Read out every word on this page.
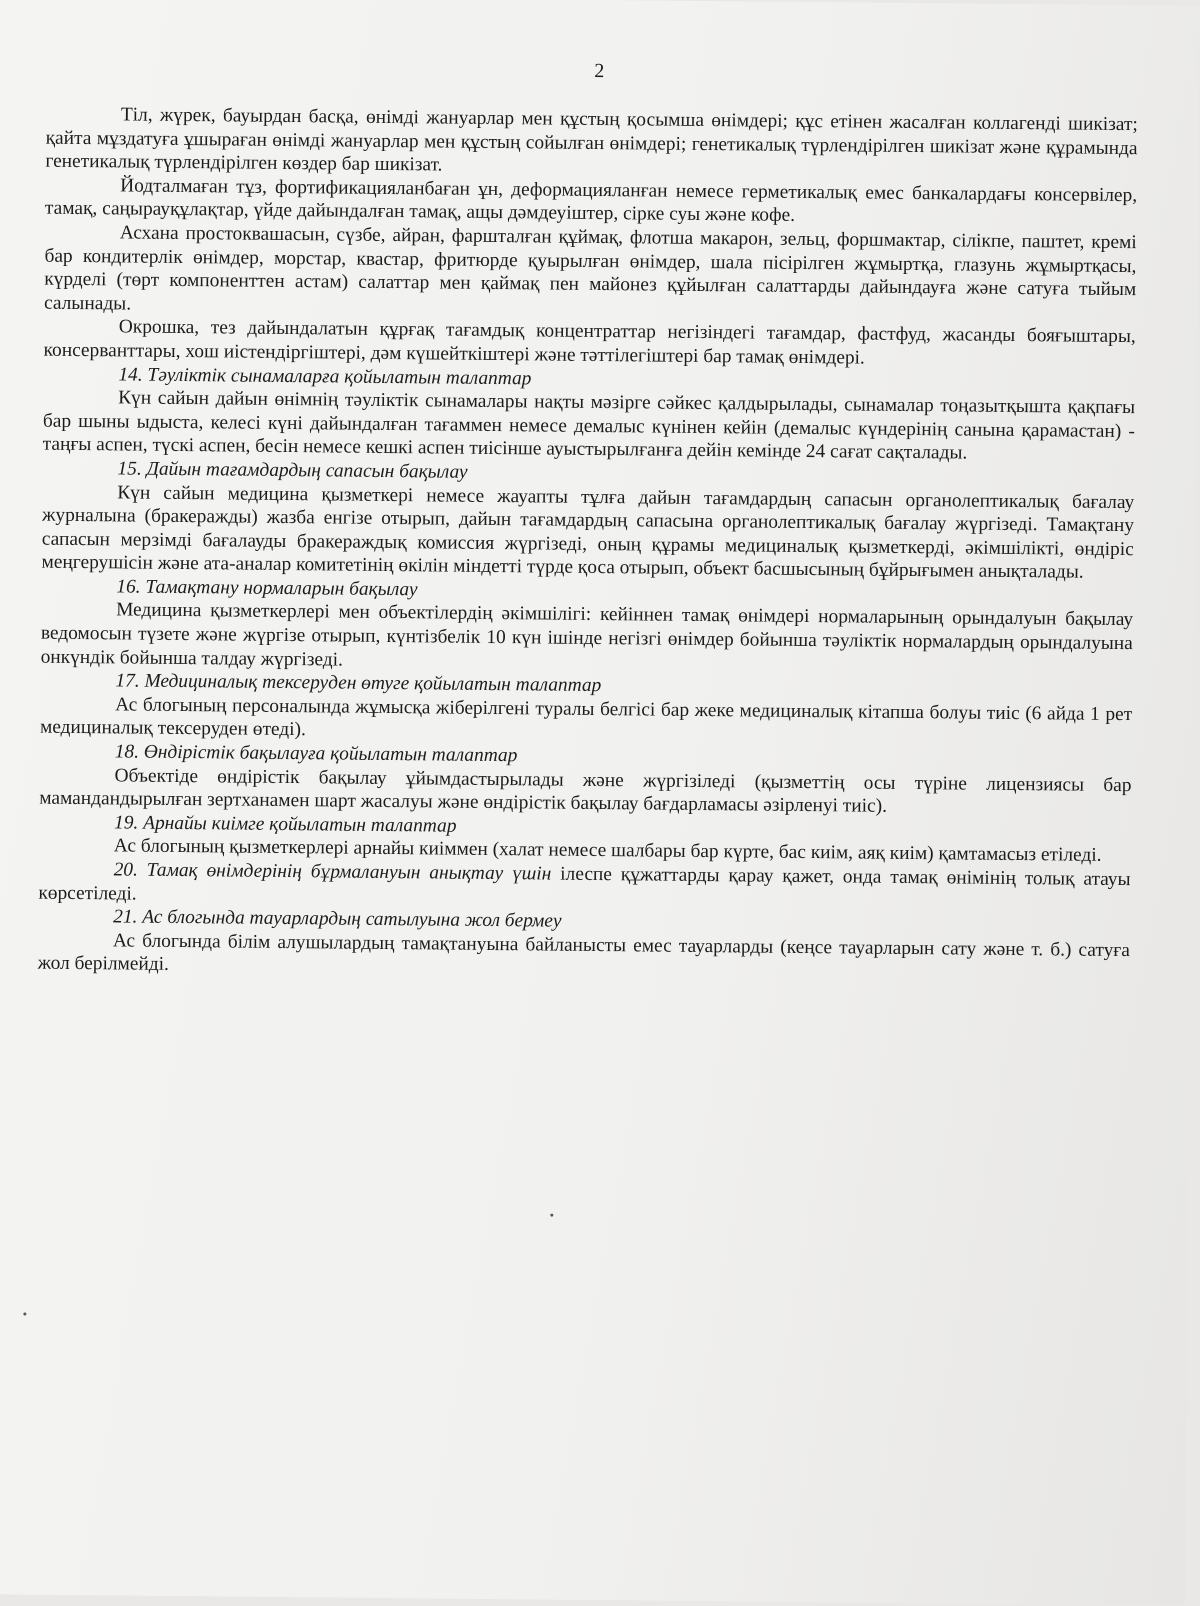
2

Тіл, жүрек, бауырдан басқа, өнімді жануарлар мен құстың қосымша өнімдері; құс етінен жасалған коллагенді шикізат; қайта мұздатуға ұшыраған өнімді жануарлар мен құстың сойылған өнімдері; генетикалық түрлендірілген шикізат және құрамында генетикалық түрлендірілген көздер бар шикізат.

Йодталмаған тұз, фортификацияланбаған ұн, деформацияланған немесе герметикалық емес банкалардағы консервілер, тамақ, саңырауқұлақтар, үйде дайындалған тамақ, ащы дәмдеуіштер, сірке суы және кофе.

Асхана простоквашасын, сүзбе, айран, фаршталған құймақ, флотша макарон, зельц, форшмактар, сілікпе, паштет, кремі бар кондитерлік өнімдер, морстар, квастар, фритюрде қуырылған өнімдер, шала пісірілген жұмыртқа, глазунь жұмыртқасы, күрделі (төрт компоненттен астам) салаттар мен қаймақ пен майонез құйылған салаттарды дайындауға және сатуға тыйым салынады.

Окрошка, тез дайындалатын құрғақ тағамдық концентраттар негізіндегі тағамдар, фастфуд, жасанды бояғыштары, консерванттары, хош иістендіргіштері, дәм күшейткіштері және тәттілегіштері бар тамақ өнімдері.

14. Тәуліктік сынамаларға қойылатын талаптар

Күн сайын дайын өнімнің тәуліктік сынамалары нақты мәзірге сәйкес қалдырылады, сынамалар тоңазытқышта қақпағы бар шыны ыдыста, келесі күні дайындалған тағаммен немесе демалыс күнінен кейін (демалыс күндерінің санына қарамастан) - таңғы аспен, түскі аспен, бесін немесе кешкі аспен тиісінше ауыстырылғанға дейін кемінде 24 сағат сақталады.

15. Дайын тағамдардың сапасын бақылау

Күн сайын медицина қызметкері немесе жауапты тұлға дайын тағамдардың сапасын органолептикалық бағалау журналына (бракеражды) жазба енгізе отырып, дайын тағамдардың сапасына органолептикалық бағалау жүргізеді. Тамақтану сапасын мерзімді бағалауды бракераждық комиссия жүргізеді, оның құрамы медициналық қызметкерді, әкімшілікті, өндіріс меңгерушісін және ата-аналар комитетінің өкілін міндетті түрде қоса отырып, объект басшысының бұйрығымен анықталады.

16. Тамақтану нормаларын бақылау

Медицина қызметкерлері мен объектілердің әкімшілігі: кейіннен тамақ өнімдері нормаларының орындалуын бақылау ведомосын түзете және жүргізе отырып, күнтізбелік 10 күн ішінде негізгі өнімдер бойынша тәуліктік нормалардың орындалуына онкүндік бойынша талдау жүргізеді.

17. Медициналық тексеруден өтуге қойылатын талаптар

Ас блогының персоналында жұмысқа жіберілгені туралы белгісі бар жеке медициналық кітапша болуы тиіс (6 айда 1 рет медициналық тексеруден өтеді).

18. Өндірістік бақылауға қойылатын талаптар

Объектіде өндірістік бақылау ұйымдастырылады және жүргізіледі (қызметтің осы түріне лицензиясы бар мамандандырылған зертханамен шарт жасалуы және өндірістік бақылау бағдарламасы әзірленуі тиіс).

19. Арнайы киімге қойылатын талаптар

Ас блогының қызметкерлері арнайы киіммен (халат немесе шалбары бар күрте, бас киім, аяқ киім) қамтамасыз етіледі.

20. Тамақ өнімдерінің бұрмалануын анықтау үшін ілеспе құжаттарды қарау қажет, онда тамақ өнімінің толық атауы көрсетіледі.

21. Ас блогында тауарлардың сатылуына жол бермеу

Ас блогында білім алушылардың тамақтануына байланысты емес тауарларды (кеңсе тауарларын сату және т. б.) сатуға жол берілмейді.
